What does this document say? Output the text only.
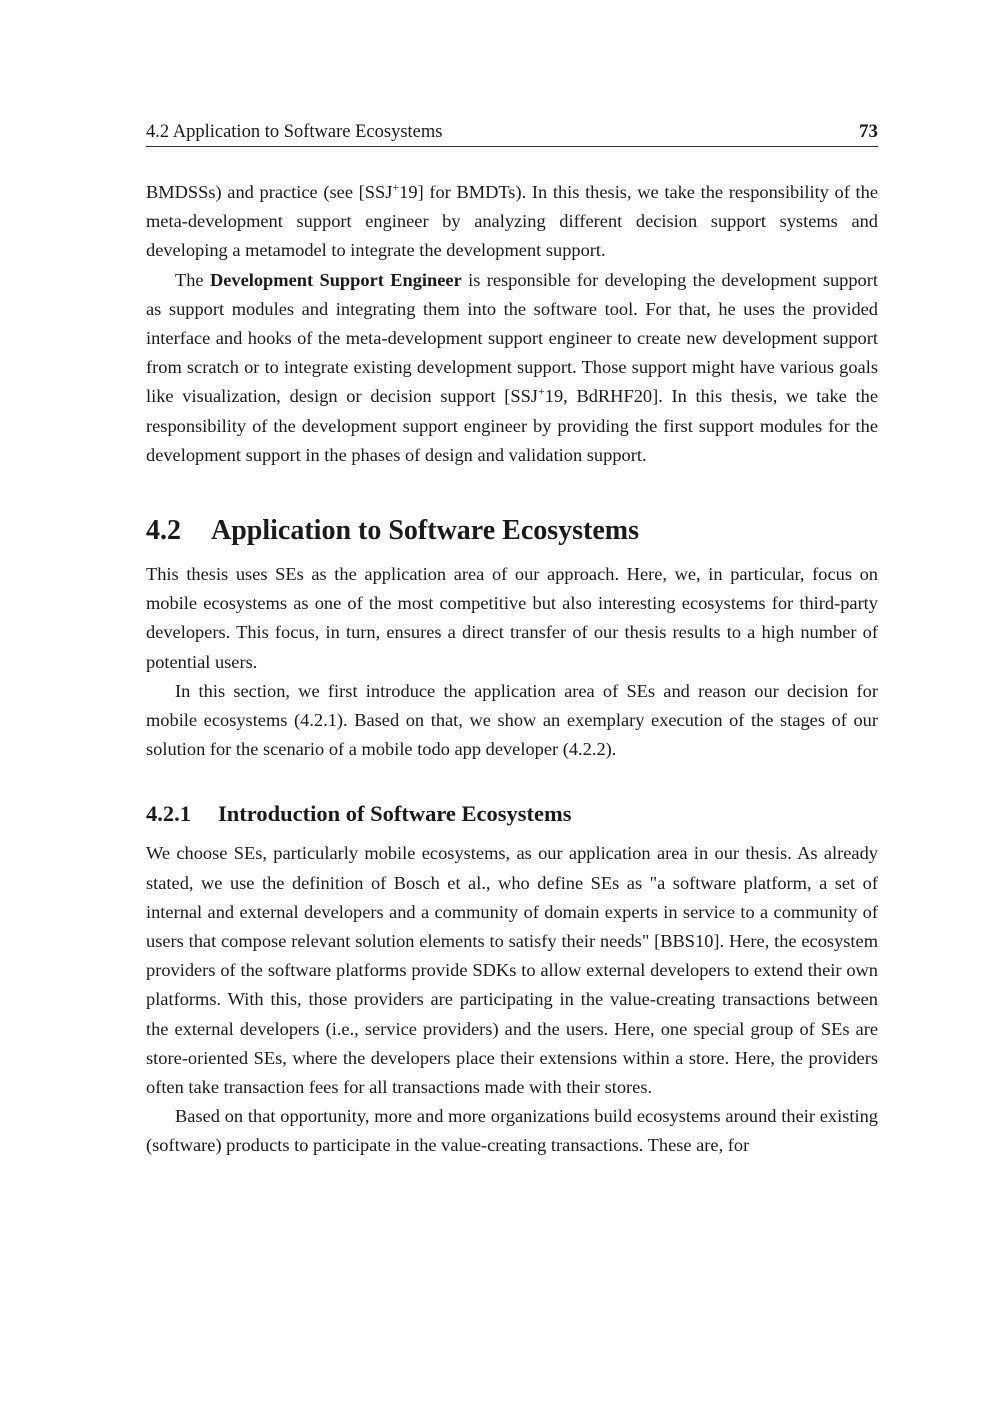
4.2 Application to Software Ecosystems	73

BMDSSs) and practice (see [SSJ+19] for BMDTs). In this thesis, we take the responsibility of the meta-development support engineer by analyzing different decision support systems and developing a metamodel to integrate the development support.

The Development Support Engineer is responsible for developing the development support as support modules and integrating them into the software tool. For that, he uses the provided interface and hooks of the meta-development support engineer to create new development support from scratch or to integrate existing development support. Those support might have various goals like visualization, design or decision support [SSJ+19, BdRHF20]. In this thesis, we take the responsibility of the development support engineer by providing the first support modules for the development support in the phases of design and validation support.

4.2 Application to Software Ecosystems

This thesis uses SEs as the application area of our approach. Here, we, in particular, focus on mobile ecosystems as one of the most competitive but also interesting ecosystems for third-party developers. This focus, in turn, ensures a direct transfer of our thesis results to a high number of potential users.

In this section, we first introduce the application area of SEs and reason our decision for mobile ecosystems (4.2.1). Based on that, we show an exemplary execution of the stages of our solution for the scenario of a mobile todo app developer (4.2.2).

4.2.1 Introduction of Software Ecosystems

We choose SEs, particularly mobile ecosystems, as our application area in our thesis. As already stated, we use the definition of Bosch et al., who define SEs as "a software platform, a set of internal and external developers and a community of domain experts in service to a community of users that compose relevant solution elements to satisfy their needs" [BBS10]. Here, the ecosystem providers of the software platforms provide SDKs to allow external developers to extend their own platforms. With this, those providers are participating in the value-creating transactions between the external developers (i.e., service providers) and the users. Here, one special group of SEs are store-oriented SEs, where the developers place their extensions within a store. Here, the providers often take transaction fees for all transactions made with their stores.

Based on that opportunity, more and more organizations build ecosystems around their existing (software) products to participate in the value-creating transactions. These are, for
